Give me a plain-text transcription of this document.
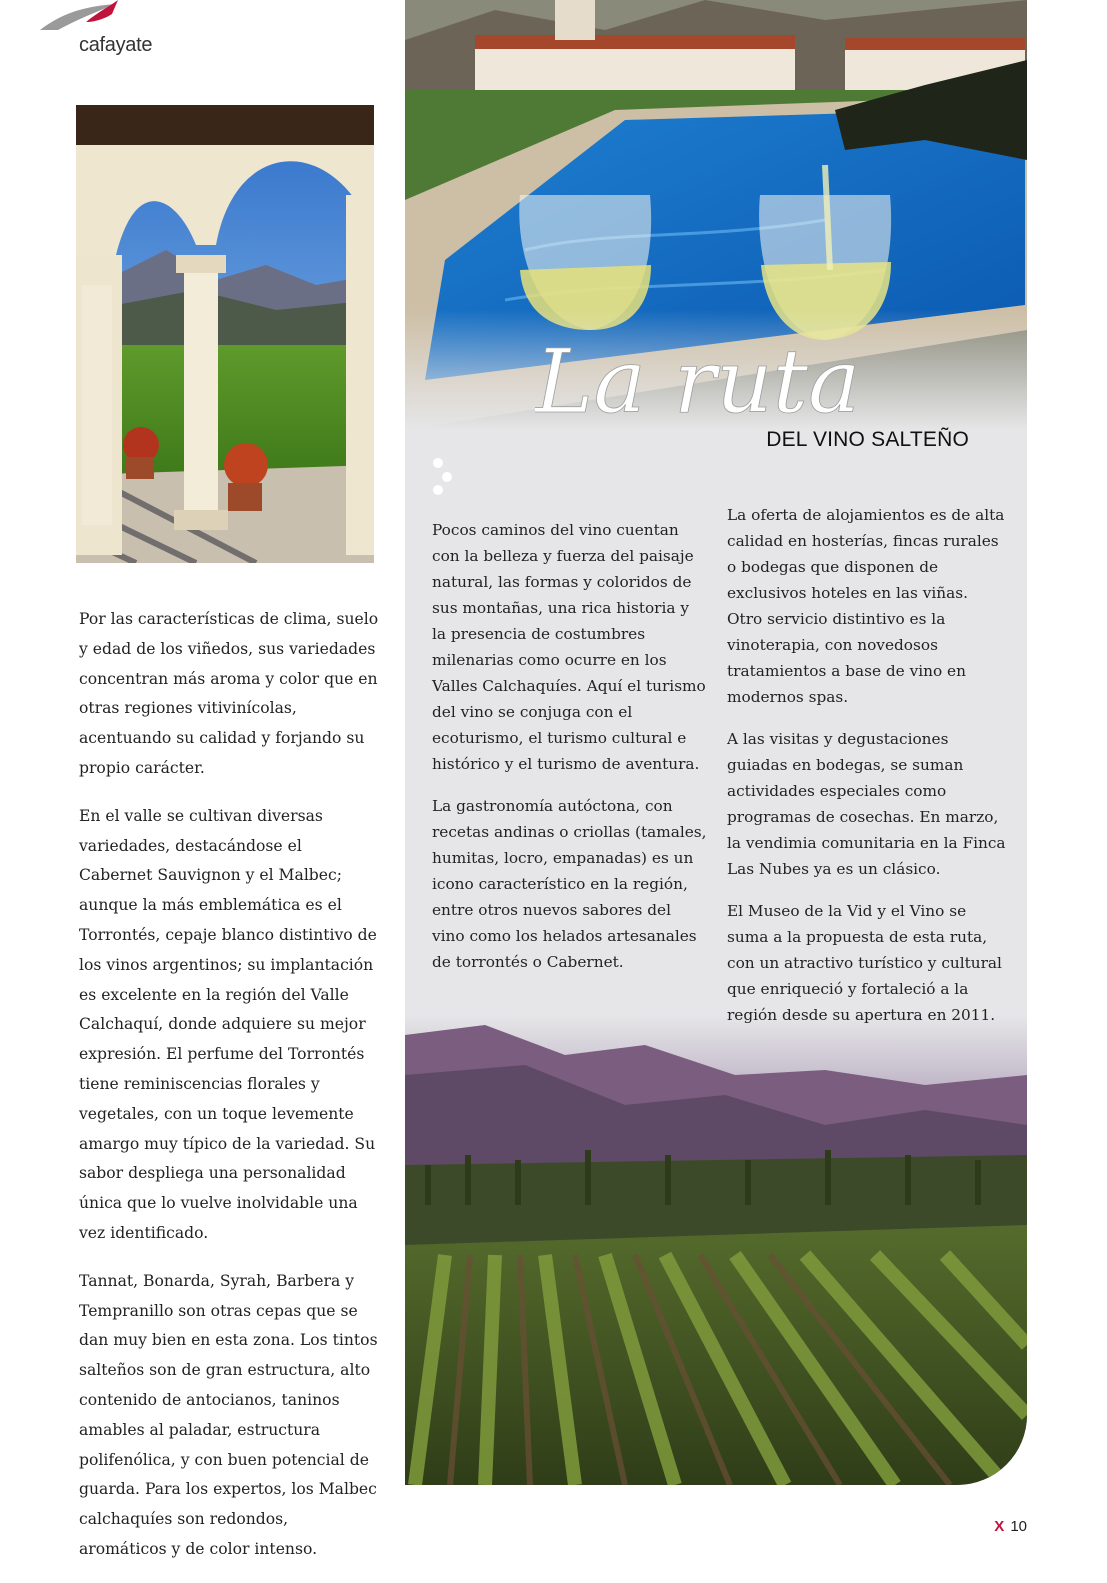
cafayate
La ruta
DEL VINO SALTEÑO

Por las características de clima, suelo y edad de los viñedos, sus variedades concentran más aroma y color que en otras regiones vitivinícolas, acentuando su calidad y forjando su propio carácter.

En el valle se cultivan diversas variedades, destacándose el Cabernet Sauvignon y el Malbec; aunque la más emblemática es el Torrontés, cepaje blanco distintivo de los vinos argentinos; su implantación es excelente en la región del Valle Calchaquí, donde adquiere su mejor expresión. El perfume del Torrontés tiene reminiscencias florales y vegetales, con un toque levemente amargo muy típico de la variedad. Su sabor despliega una personalidad única que lo vuelve inolvidable una vez identificado.

Tannat, Bonarda, Syrah, Barbera y Tempranillo son otras cepas que se dan muy bien en esta zona. Los tintos salteños son de gran estructura, alto contenido de antocianos, taninos amables al paladar, estructura polifenólica, y con buen potencial de guarda. Para los expertos, los Malbec calchaquíes son redondos, aromáticos y de color intenso.

Pocos caminos del vino cuentan con la belleza y fuerza del paisaje natural, las formas y coloridos de sus montañas, una rica historia y la presencia de costumbres milenarias como ocurre en los Valles Calchaquíes. Aquí el turismo del vino se conjuga con el ecoturismo, el turismo cultural e histórico y el turismo de aventura.

La gastronomía autóctona, con recetas andinas o criollas (tamales, humitas, locro, empanadas) es un icono característico en la región, entre otros nuevos sabores del vino como los helados artesanales de torrontés o Cabernet.

La oferta de alojamientos es de alta calidad en hosterías, fincas rurales o bodegas que disponen de exclusivos hoteles en las viñas. Otro servicio distintivo es la vinoterapia, con novedosos tratamientos a base de vino en modernos spas.

A las visitas y degustaciones guiadas en bodegas, se suman actividades especiales como programas de cosechas. En marzo, la vendimia comunitaria en la Finca Las Nubes ya es un clásico.

El Museo de la Vid y el Vino se suma a la propuesta de esta ruta, con un atractivo turístico y cultural que enriqueció y fortaleció a la región desde su apertura en 2011.

X 10
